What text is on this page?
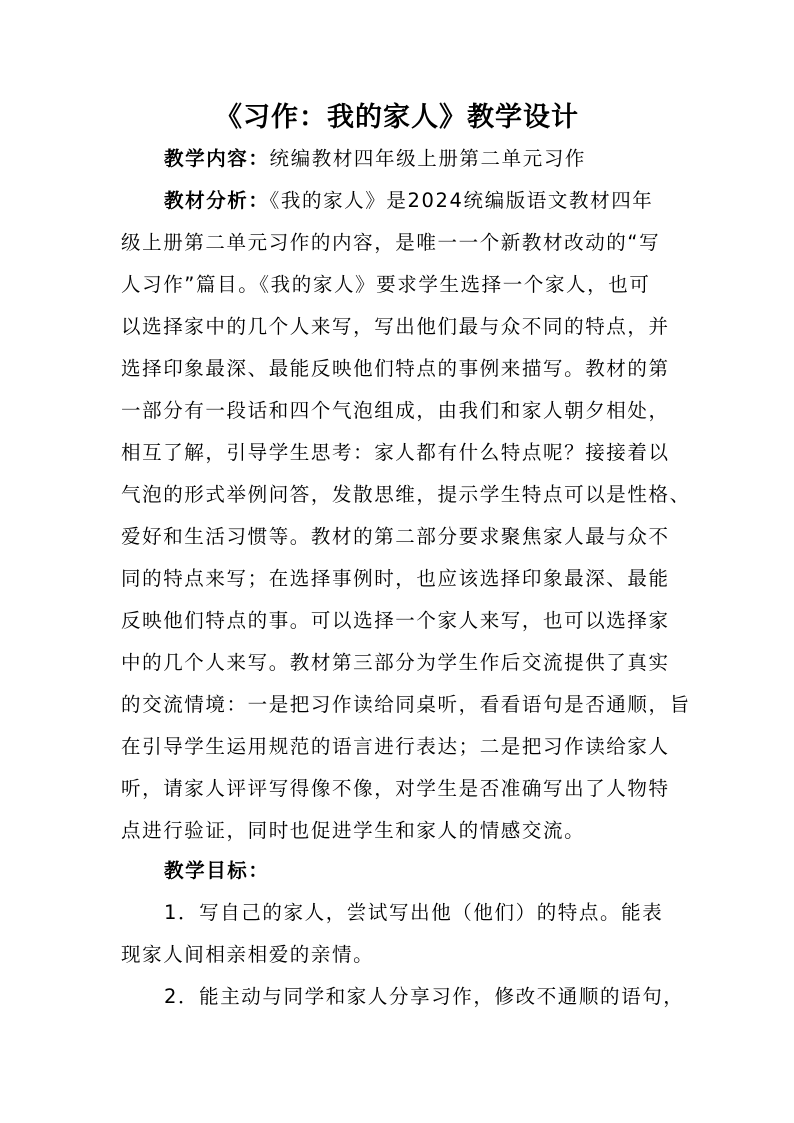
《习作：我的家人》教学设计
教学内容：统编教材四年级上册第二单元习作
教材分析：《我的家人》是2024统编版语文教材四年
级上册第二单元习作的内容，是唯一一个新教材改动的“写
人习作”篇目。《我的家人》要求学生选择一个家人，也可
以选择家中的几个人来写，写出他们最与众不同的特点，并
选择印象最深、最能反映他们特点的事例来描写。教材的第
一部分有一段话和四个气泡组成，由我们和家人朝夕相处，
相互了解，引导学生思考：家人都有什么特点呢？接接着以
气泡的形式举例问答，发散思维，提示学生特点可以是性格、
爱好和生活习惯等。教材的第二部分要求聚焦家人最与众不
同的特点来写；在选择事例时，也应该选择印象最深、最能
反映他们特点的事。可以选择一个家人来写，也可以选择家
中的几个人来写。教材第三部分为学生作后交流提供了真实
的交流情境：一是把习作读给同桌听，看看语句是否通顺，旨
在引导学生运用规范的语言进行表达；二是把习作读给家人
听，请家人评评写得像不像，对学生是否准确写出了人物特
点进行验证，同时也促进学生和家人的情感交流。
教学目标：
1．写自己的家人，尝试写出他（他们）的特点。能表
现家人间相亲相爱的亲情。
2．能主动与同学和家人分享习作，修改不通顺的语句，
